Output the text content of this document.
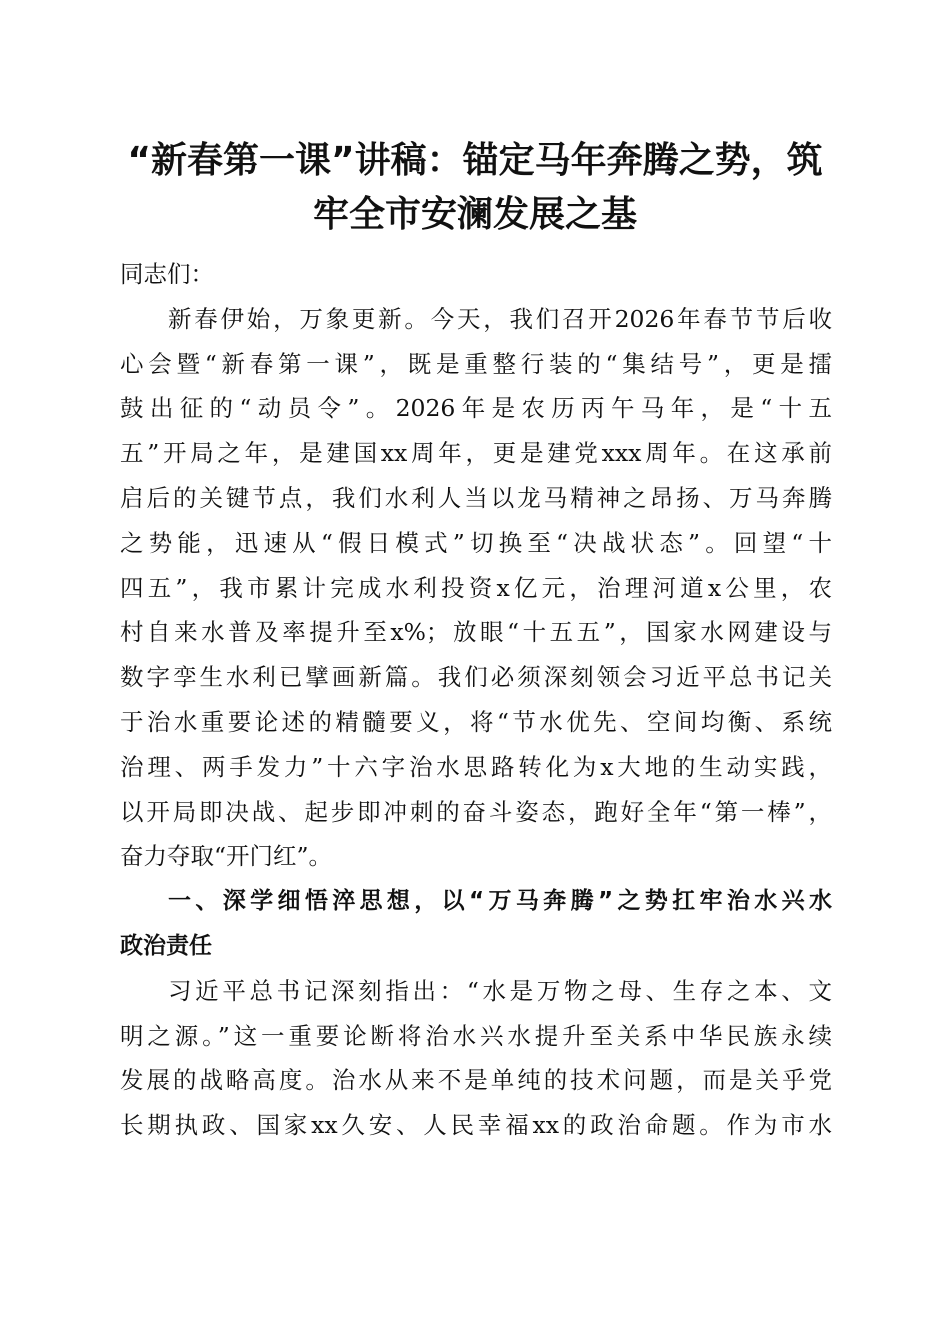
“新春第一课”讲稿：锚定马年奔腾之势，筑
牢全市安澜发展之基

同志们：

新春伊始，万象更新。今天，我们召开2026年春节节后收
心会暨“新春第一课”，既是重整行装的“集结号”，更是擂
鼓出征的“动员令”。2026年是农历丙午马年，是“十五
五”开局之年，是建国xx周年，更是建党xxx周年。在这承前
启后的关键节点，我们水利人当以龙马精神之昂扬、万马奔腾
之势能，迅速从“假日模式”切换至“决战状态”。回望“十
四五”，我市累计完成水利投资x亿元，治理河道x公里，农
村自来水普及率提升至x%；放眼“十五五”，国家水网建设与
数字孪生水利已擘画新篇。我们必须深刻领会习近平总书记关
于治水重要论述的精髓要义，将“节水优先、空间均衡、系统
治理、两手发力”十六字治水思路转化为x大地的生动实践，
以开局即决战、起步即冲刺的奋斗姿态，跑好全年“第一棒”，
奋力夺取“开门红”。
一、深学细悟淬思想，以“万马奔腾”之势扛牢治水兴水
政治责任
习近平总书记深刻指出：“水是万物之母、生存之本、文
明之源。”这一重要论断将治水兴水提升至关系中华民族永续
发展的战略高度。治水从来不是单纯的技术问题，而是关乎党
长期执政、国家xx久安、人民幸福xx的政治命题。作为市水
